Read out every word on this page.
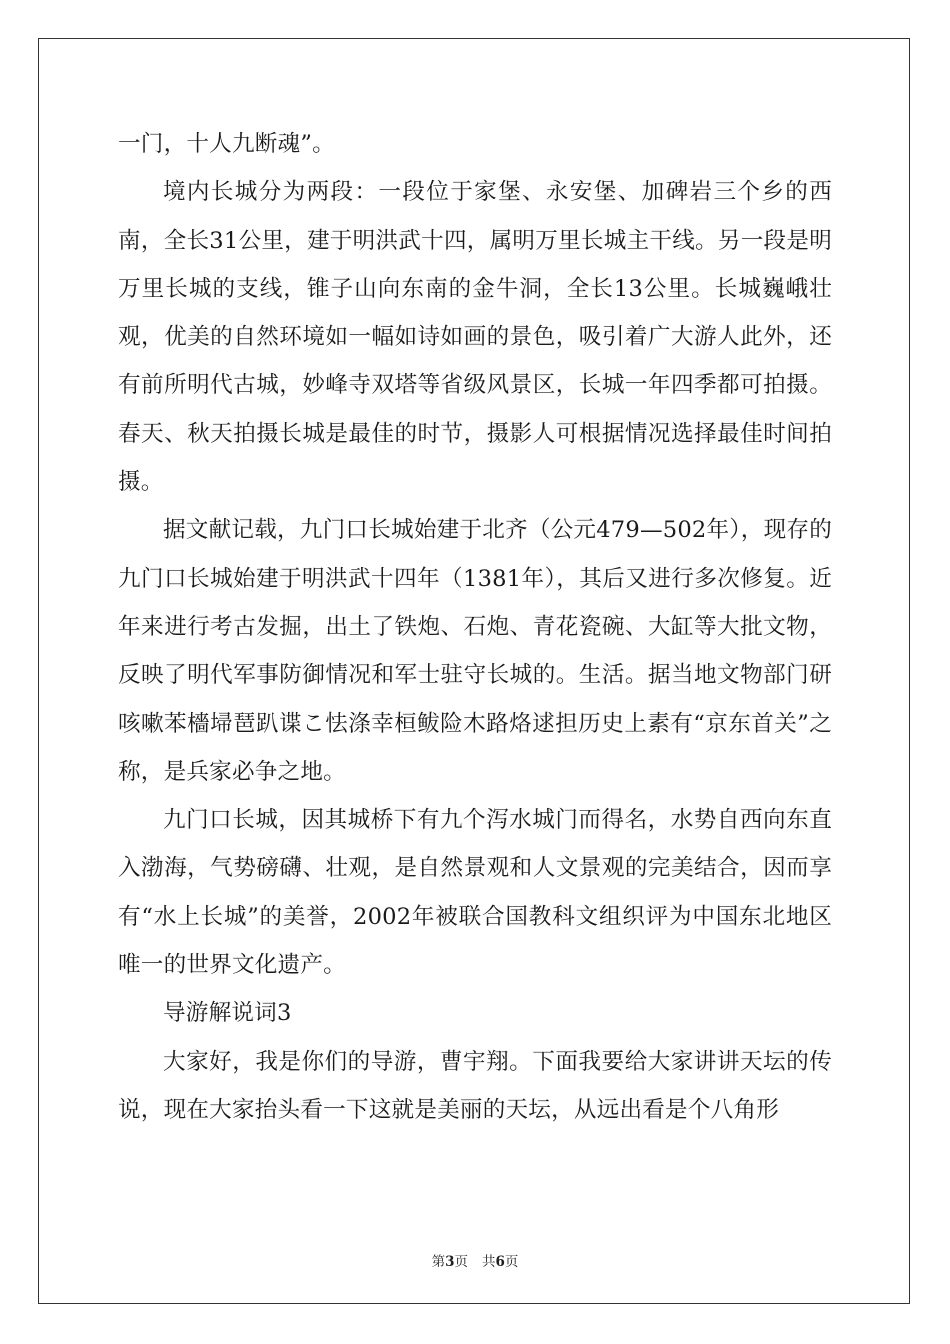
一门，十人九断魂”。

境内长城分为两段：一段位于家堡、永安堡、加碑岩三个乡的西南，全长31公里，建于明洪武十四，属明万里长城主干线。另一段是明万里长城的支线，锥子山向东南的金牛洞，全长13公里。长城巍峨壮观，优美的自然环境如一幅如诗如画的景色，吸引着广大游人此外，还有前所明代古城，妙峰寺双塔等省级风景区，长城一年四季都可拍摄。春天、秋天拍摄长城是最佳的时节，摄影人可根据情况选择最佳时间拍摄。

据文献记载，九门口长城始建于北齐（公元479—502年），现存的九门口长城始建于明洪武十四年（1381年），其后又进行多次修复。近年来进行考古发掘，出土了铁炮、石炮、青花瓷碗、大缸等大批文物，反映了明代军事防御情况和军士驻守长城的。生活。据当地文物部门研咳嗽苯檣埽琶趴谍こ怯涤幸桓鲅险木路烙逑担历史上素有“京东首关”之称，是兵家必争之地。

九门口长城，因其城桥下有九个泻水城门而得名，水势自西向东直入渤海，气势磅礴、壮观，是自然景观和人文景观的完美结合，因而享有“水上长城”的美誉，2002年被联合国教科文组织评为中国东北地区唯一的世界文化遗产。

导游解说词3

大家好，我是你们的导游，曹宇翔。下面我要给大家讲讲天坛的传说，现在大家抬头看一下这就是美丽的天坛，从远出看是个八角形

第3页 共6页
